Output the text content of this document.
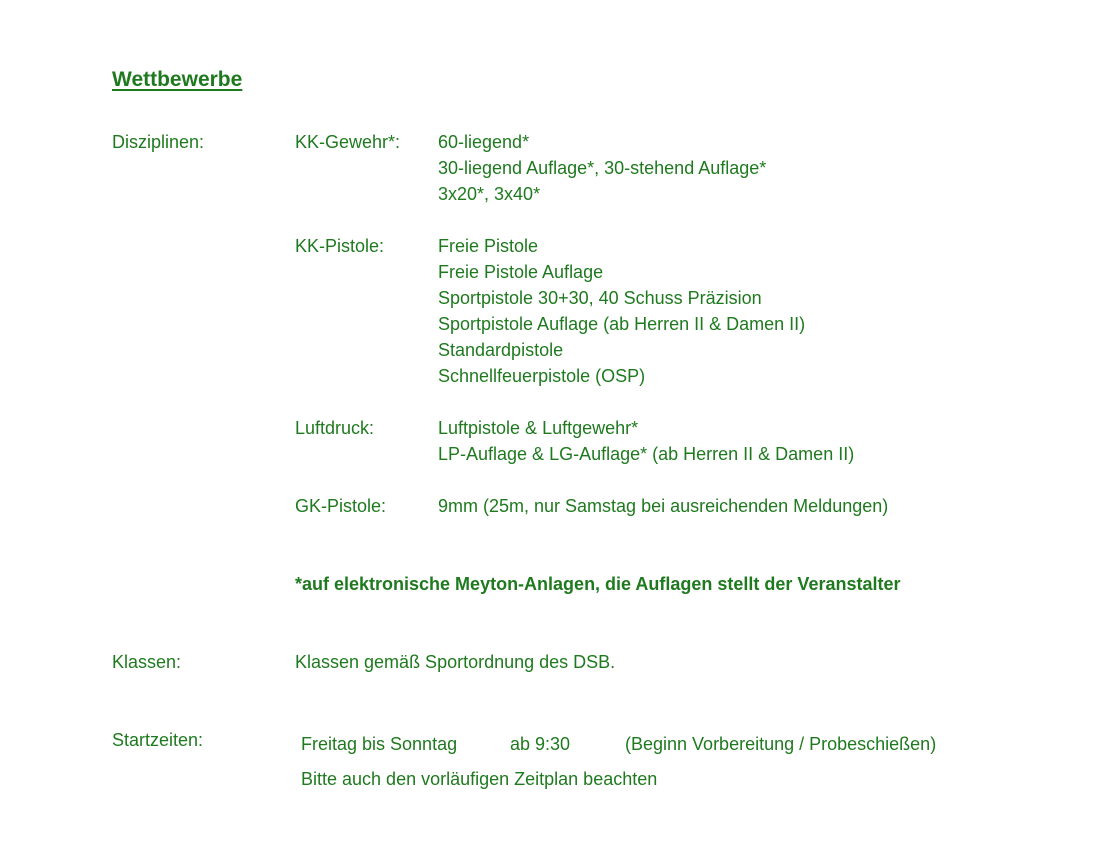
Wettbewerbe
Disziplinen:	KK-Gewehr*: 60-liegend*
30-liegend Auflage*, 30-stehend Auflage*
3x20*, 3x40*
KK-Pistole:	Freie Pistole
Freie Pistole Auflage
Sportpistole 30+30, 40 Schuss Präzision
Sportpistole Auflage (ab Herren II & Damen II)
Standardpistole
Schnellfeuerpistole (OSP)
Luftdruck:	Luftpistole & Luftgewehr*
LP-Auflage & LG-Auflage* (ab Herren II & Damen II)
GK-Pistole:	9mm (25m, nur Samstag bei ausreichenden Meldungen)
*auf elektronische Meyton-Anlagen, die Auflagen stellt der Veranstalter
Klassen:	Klassen gemäß Sportordnung des DSB.
Startzeiten:	Freitag bis Sonntag	ab 9:30	(Beginn Vorbereitung / Probeschießen)
Bitte auch den vorläufigen Zeitplan beachten
